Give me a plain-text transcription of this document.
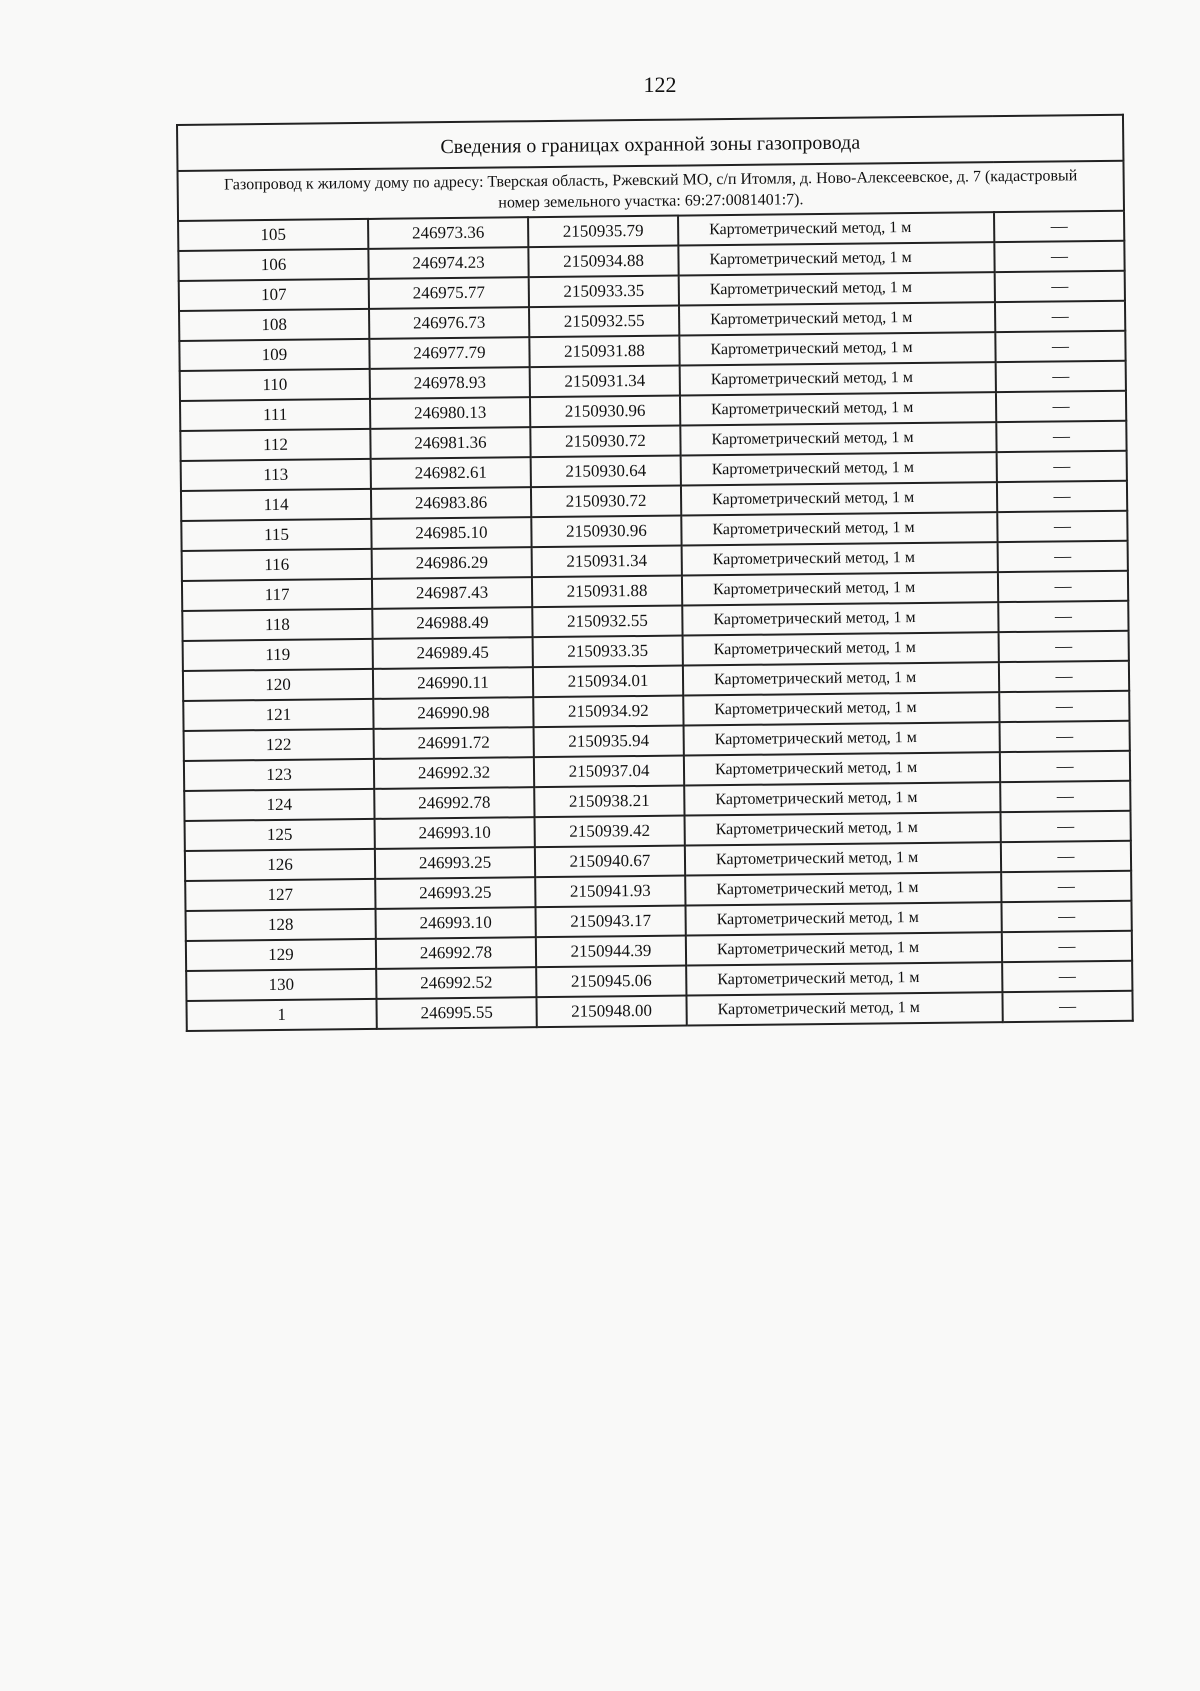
122
Сведения о границах охранной зоны газопровода				
Газопровод к жилому дому по адресу: Тверская область, Ржевский МО, с/п Итомля, д. Ново-Алексеевское, д. 7 (кадастровый номер земельного участка: 69:27:0081401:7).				
105	246973.36	2150935.79	Картометрический метод, 1 м	—
106	246974.23	2150934.88	Картометрический метод, 1 м	—
107	246975.77	2150933.35	Картометрический метод, 1 м	—
108	246976.73	2150932.55	Картометрический метод, 1 м	—
109	246977.79	2150931.88	Картометрический метод, 1 м	—
110	246978.93	2150931.34	Картометрический метод, 1 м	—
111	246980.13	2150930.96	Картометрический метод, 1 м	—
112	246981.36	2150930.72	Картометрический метод, 1 м	—
113	246982.61	2150930.64	Картометрический метод, 1 м	—
114	246983.86	2150930.72	Картометрический метод, 1 м	—
115	246985.10	2150930.96	Картометрический метод, 1 м	—
116	246986.29	2150931.34	Картометрический метод, 1 м	—
117	246987.43	2150931.88	Картометрический метод, 1 м	—
118	246988.49	2150932.55	Картометрический метод, 1 м	—
119	246989.45	2150933.35	Картометрический метод, 1 м	—
120	246990.11	2150934.01	Картометрический метод, 1 м	—
121	246990.98	2150934.92	Картометрический метод, 1 м	—
122	246991.72	2150935.94	Картометрический метод, 1 м	—
123	246992.32	2150937.04	Картометрический метод, 1 м	—
124	246992.78	2150938.21	Картометрический метод, 1 м	—
125	246993.10	2150939.42	Картометрический метод, 1 м	—
126	246993.25	2150940.67	Картометрический метод, 1 м	—
127	246993.25	2150941.93	Картометрический метод, 1 м	—
128	246993.10	2150943.17	Картометрический метод, 1 м	—
129	246992.78	2150944.39	Картометрический метод, 1 м	—
130	246992.52	2150945.06	Картометрический метод, 1 м	—
1	246995.55	2150948.00	Картометрический метод, 1 м	—
